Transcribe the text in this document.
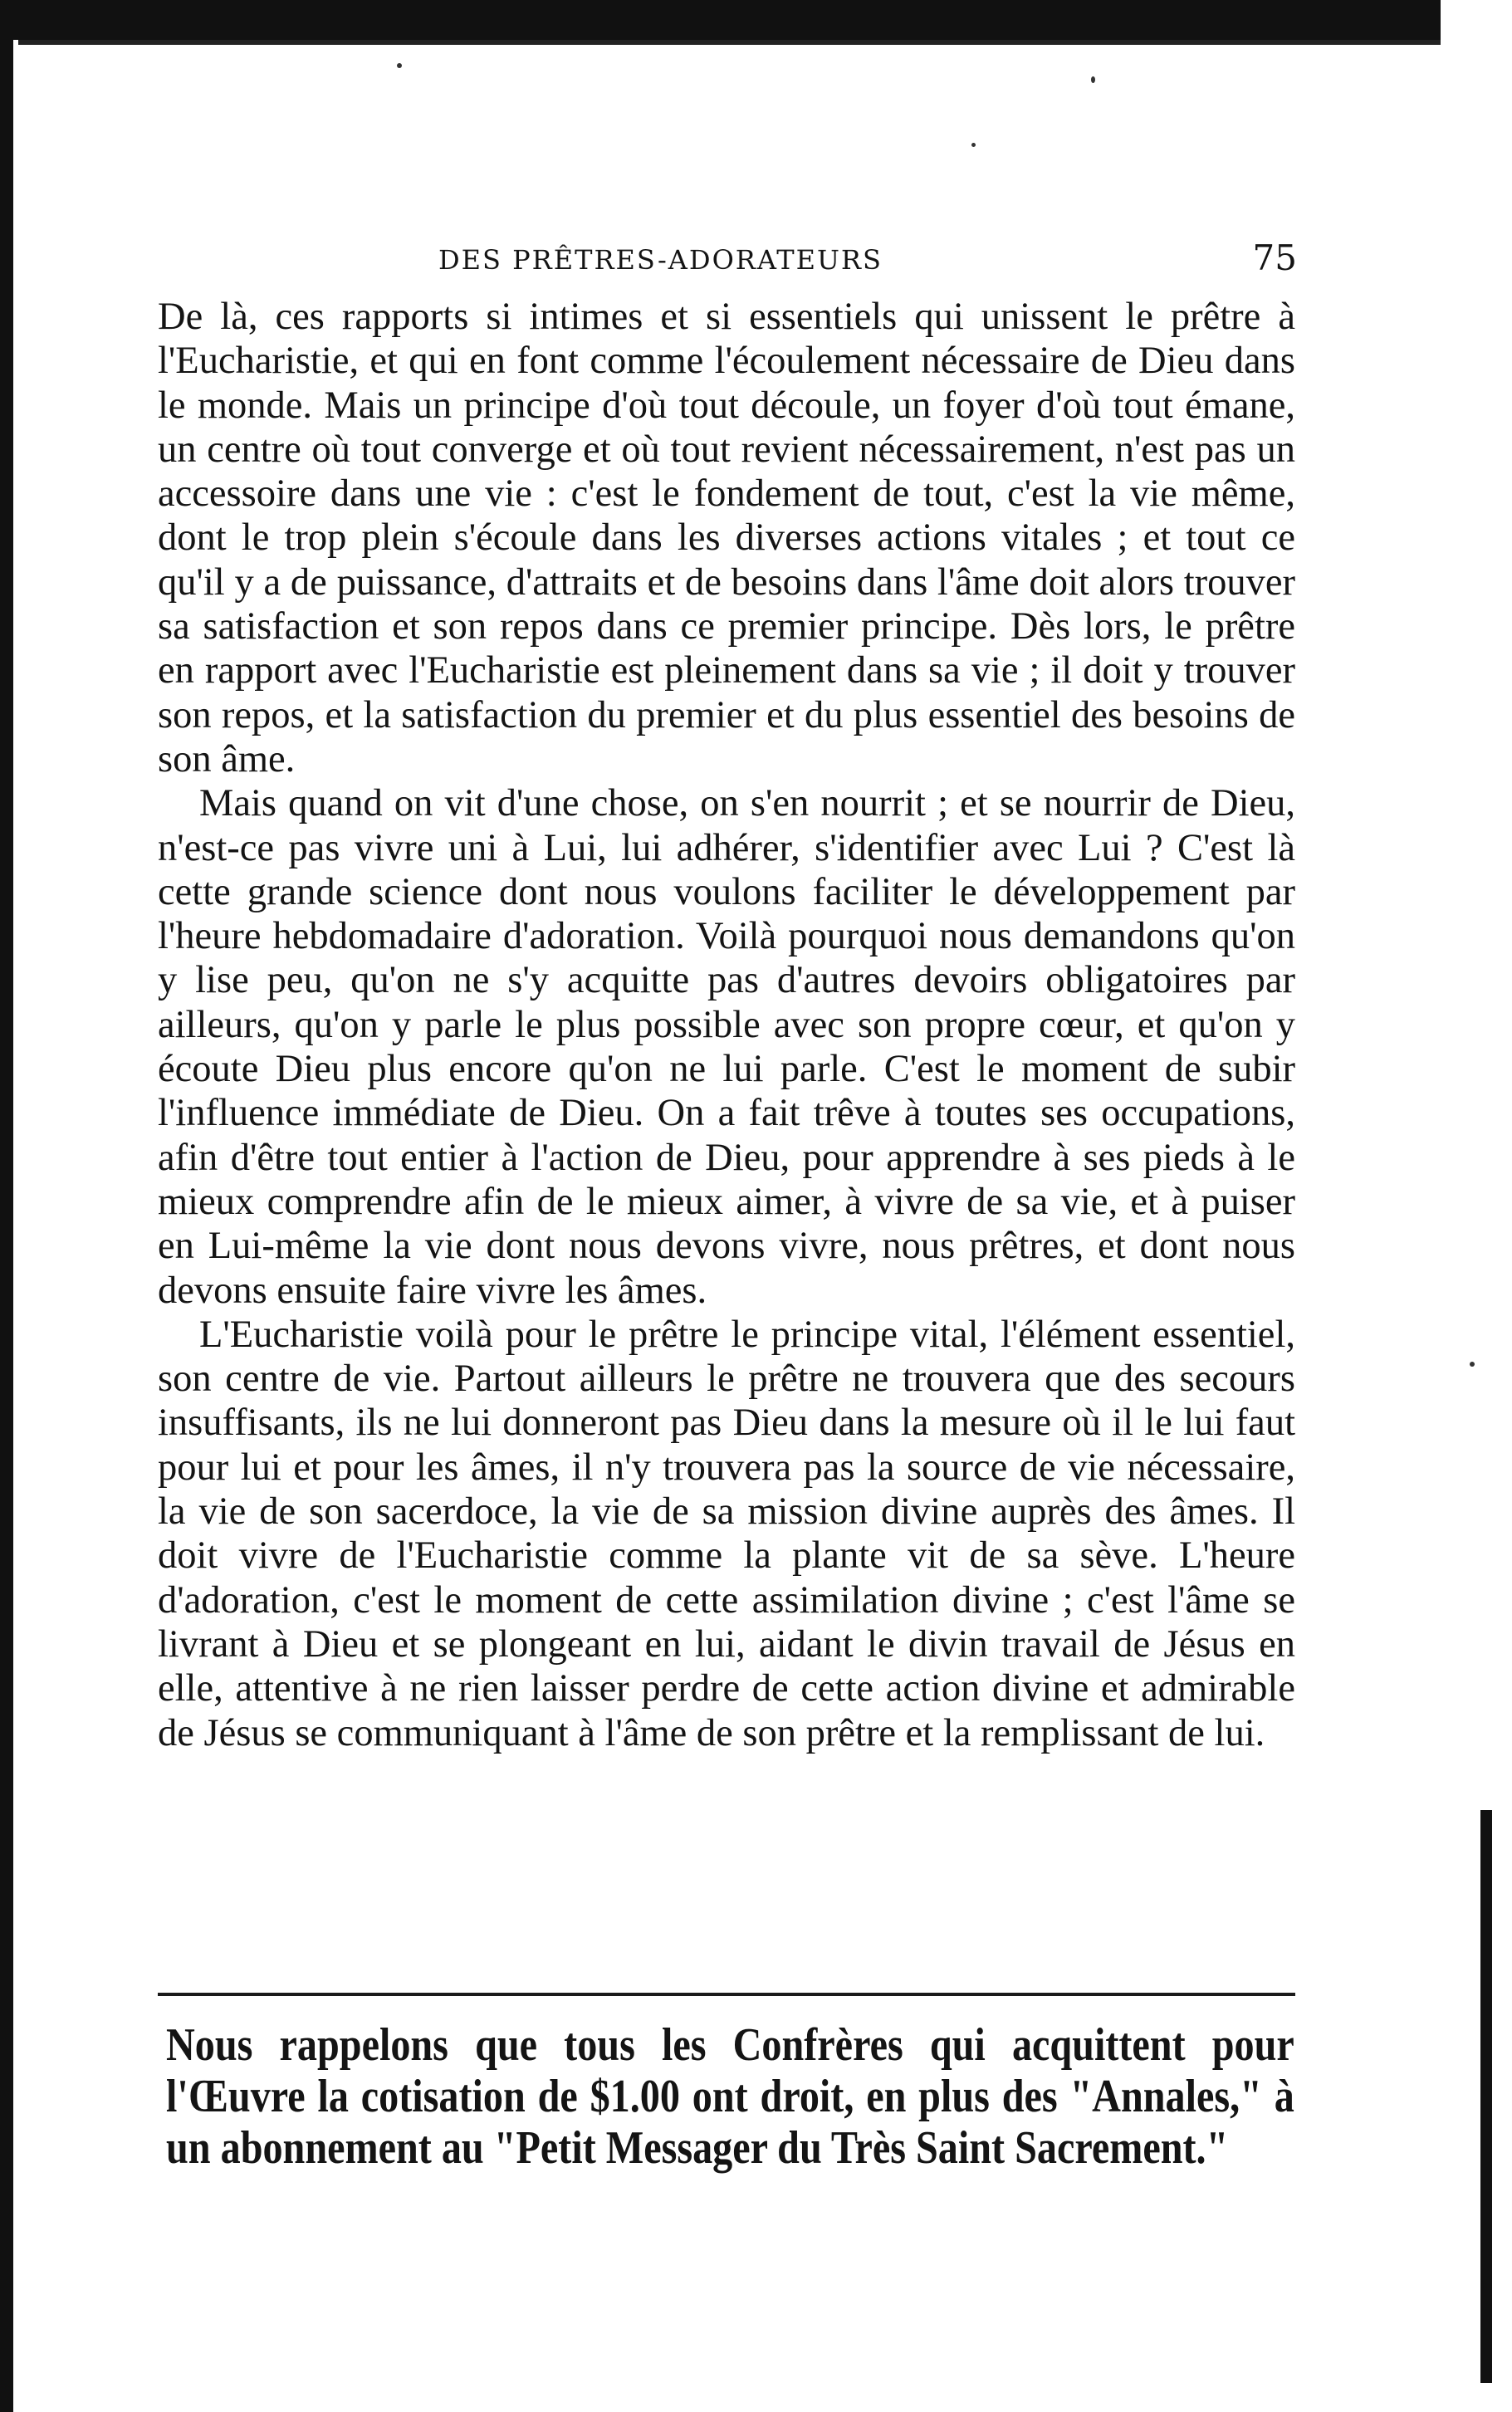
DES PRÊTRES-ADORATEURS	75

De là, ces rapports si intimes et si essentiels qui unissent le prêtre à l'Eucharistie, et qui en font comme l'écoulement nécessaire de Dieu dans le monde. Mais un principe d'où tout découle, un foyer d'où tout émane, un centre où tout converge et où tout revient nécessairement, n'est pas un accessoire dans une vie : c'est le fondement de tout, c'est la vie même, dont le trop plein s'écoule dans les diverses actions vitales ; et tout ce qu'il y a de puissance, d'attraits et de besoins dans l'âme doit alors trouver sa satisfaction et son repos dans ce premier principe. Dès lors, le prêtre en rapport avec l'Eucharistie est pleinement dans sa vie ; il doit y trouver son repos, et la satisfaction du premier et du plus essentiel des besoins de son âme.

Mais quand on vit d'une chose, on s'en nourrit ; et se nourrir de Dieu, n'est-ce pas vivre uni à Lui, lui adhérer, s'identifier avec Lui ? C'est là cette grande science dont nous voulons faciliter le développement par l'heure hebdomadaire d'adoration. Voilà pourquoi nous demandons qu'on y lise peu, qu'on ne s'y acquitte pas d'autres devoirs obligatoires par ailleurs, qu'on y parle le plus possible avec son propre cœur, et qu'on y écoute Dieu plus encore qu'on ne lui parle. C'est le moment de subir l'influence immédiate de Dieu. On a fait trêve à toutes ses occupations, afin d'être tout entier à l'action de Dieu, pour apprendre à ses pieds à le mieux comprendre afin de le mieux aimer, à vivre de sa vie, et à puiser en Lui-même la vie dont nous devons vivre, nous prêtres, et dont nous devons ensuite faire vivre les âmes.

L'Eucharistie voilà pour le prêtre le principe vital, l'élément essentiel, son centre de vie. Partout ailleurs le prêtre ne trouvera que des secours insuffisants, ils ne lui donneront pas Dieu dans la mesure où il le lui faut pour lui et pour les âmes, il n'y trouvera pas la source de vie nécessaire, la vie de son sacerdoce, la vie de sa mission divine auprès des âmes. Il doit vivre de l'Eucharistie comme la plante vit de sa sève. L'heure d'adoration, c'est le moment de cette assimilation divine ; c'est l'âme se livrant à Dieu et se plongeant en lui, aidant le divin travail de Jésus en elle, attentive à ne rien laisser perdre de cette action divine et admirable de Jésus se communiquant à l'âme de son prêtre et la remplissant de lui.

Nous rappelons que tous les Confrères qui acquittent pour l'Œuvre la cotisation de $1.00 ont droit, en plus des "Annales," à un abonnement au "Petit Messager du Très Saint Sacrement."
